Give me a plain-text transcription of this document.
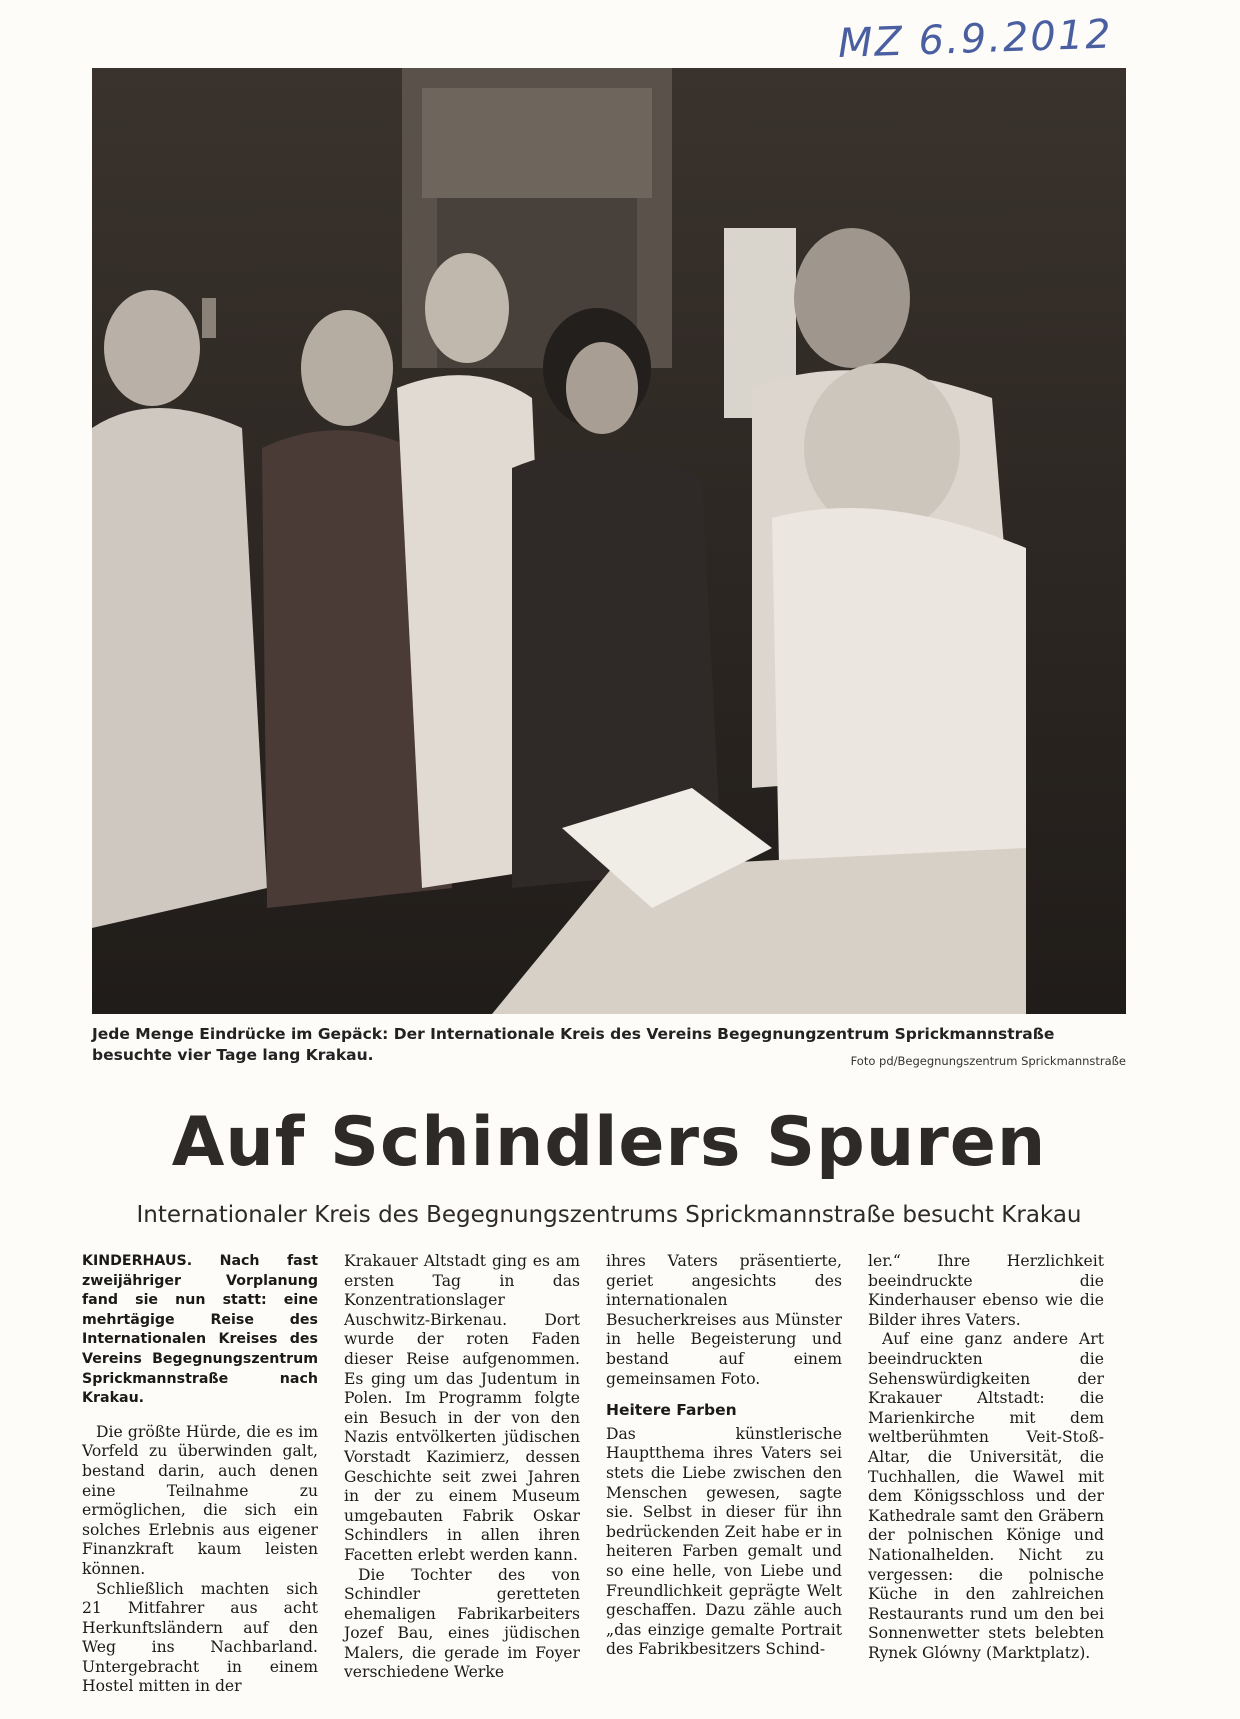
MZ 6.9.2012
Jede Menge Eindrücke im Gepäck: Der Internationale Kreis des Vereins Begegnungzentrum Sprickmannstraße besuchte vier Tage lang Krakau.	Foto pd/Begegnungszentrum Sprickmannstraße
Auf Schindlers Spuren
Internationaler Kreis des Begegnungszentrums Sprickmannstraße besucht Krakau

KINDERHAUS. Nach fast zweijähriger Vorplanung fand sie nun statt: eine mehrtägige Reise des Internationalen Kreises des Vereins Begegnungszentrum Sprickmannstraße nach Krakau.

Die größte Hürde, die es im Vorfeld zu überwinden galt, bestand darin, auch denen eine Teilnahme zu ermöglichen, die sich ein solches Erlebnis aus eigener Finanzkraft kaum leisten können.

Schließlich machten sich 21 Mitfahrer aus acht Herkunftsländern auf den Weg ins Nachbarland. Untergebracht in einem Hostel mitten in der

Krakauer Altstadt ging es am ersten Tag in das Konzentrationslager Auschwitz-Birkenau. Dort wurde der roten Faden dieser Reise aufgenommen. Es ging um das Judentum in Polen. Im Programm folgte ein Besuch in der von den Nazis entvölkerten jüdischen Vorstadt Kazimierz, dessen Geschichte seit zwei Jahren in der zu einem Museum umgebauten Fabrik Oskar Schindlers in allen ihren Facetten erlebt werden kann.

Die Tochter des von Schindler geretteten ehemaligen Fabrikarbeiters Jozef Bau, eines jüdischen Malers, die gerade im Foyer verschiedene Werke

ihres Vaters präsentierte, geriet angesichts des internationalen Besucherkreises aus Münster in helle Begeisterung und bestand auf einem gemeinsamen Foto.

Heitere Farben

Das künstlerische Hauptthema ihres Vaters sei stets die Liebe zwischen den Menschen gewesen, sagte sie. Selbst in dieser für ihn bedrückenden Zeit habe er in heiteren Farben gemalt und so eine helle, von Liebe und Freundlichkeit geprägte Welt geschaffen. Dazu zähle auch „das einzige gemalte Portrait des Fabrikbesitzers Schind-

ler.“ Ihre Herzlichkeit beeindruckte die Kinderhauser ebenso wie die Bilder ihres Vaters.

Auf eine ganz andere Art beeindruckten die Sehenswürdigkeiten der Krakauer Altstadt: die Marienkirche mit dem weltberühmten Veit-Stoß-Altar, die Universität, die Tuchhallen, die Wawel mit dem Königsschloss und der Kathedrale samt den Gräbern der polnischen Könige und Nationalhelden. Nicht zu vergessen: die polnische Küche in den zahlreichen Restaurants rund um den bei Sonnenwetter stets belebten Rynek Glówny (Marktplatz).
